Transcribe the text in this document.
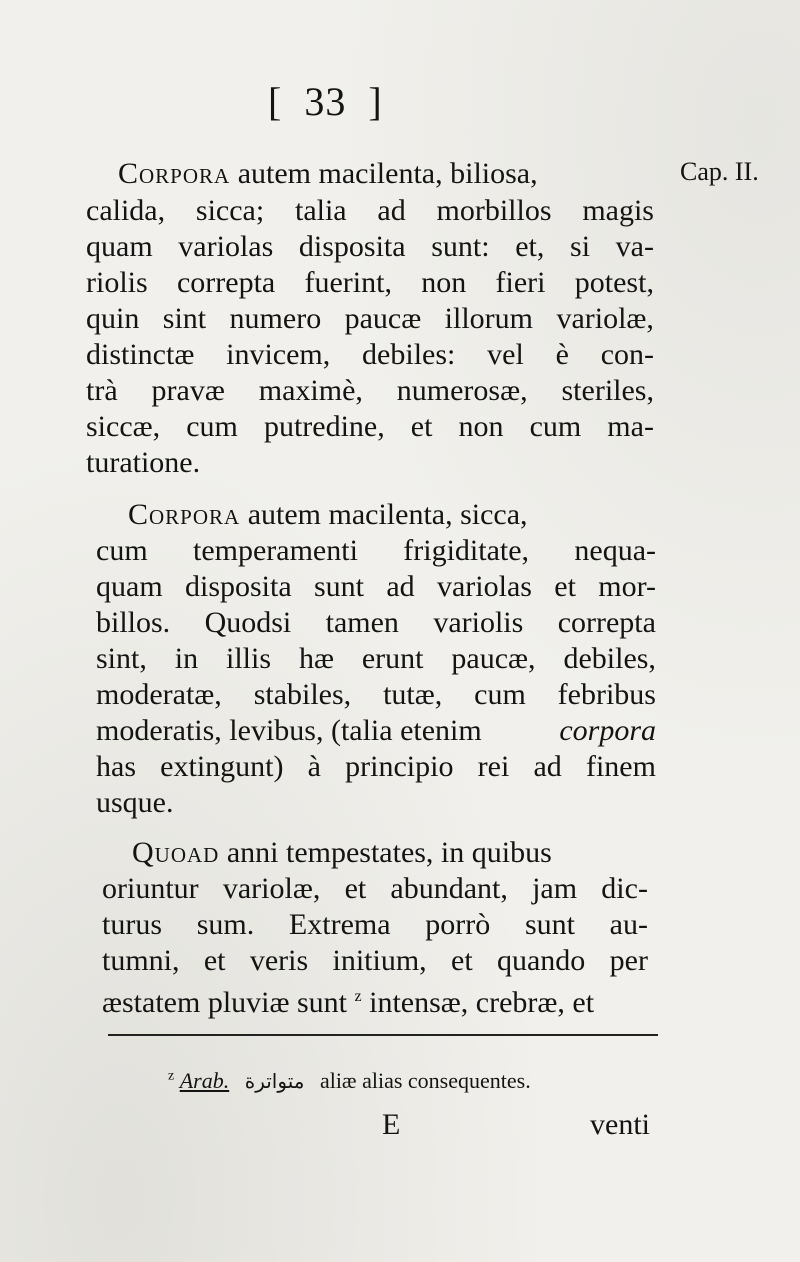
[ 33 ]
Cap. II.
Corpora autem macilenta, biliosa,
calida, sicca; talia ad morbillos magis
quam variolas disposita sunt: et, si va-
riolis correpta fuerint, non fieri potest,
quin sint numero paucæ illorum variolæ,
distinctæ invicem, debiles: vel è con-
trà pravæ maximè, numerosæ, steriles,
siccæ, cum putredine, et non cum ma-
turatione.
Corpora autem macilenta, sicca,
cum temperamenti frigiditate, nequa-
quam disposita sunt ad variolas et mor-
billos. Quodsi tamen variolis correpta
sint, in illis hæ erunt paucæ, debiles,
moderatæ, stabiles, tutæ, cum febribus
moderatis, levibus, (talia etenim	corpora
has extingunt) à principio rei ad finem
usque.
Quoad anni tempestates, in quibus
oriuntur variolæ, et abundant, jam dic-
turus sum. Extrema porrò sunt au-
tumni, et veris initium, et quando per
æstatem pluviæ sunt $^z$ intensæ, crebræ, et
$^z$ Arab. متواترة aliæ alias consequentes.
E	venti
